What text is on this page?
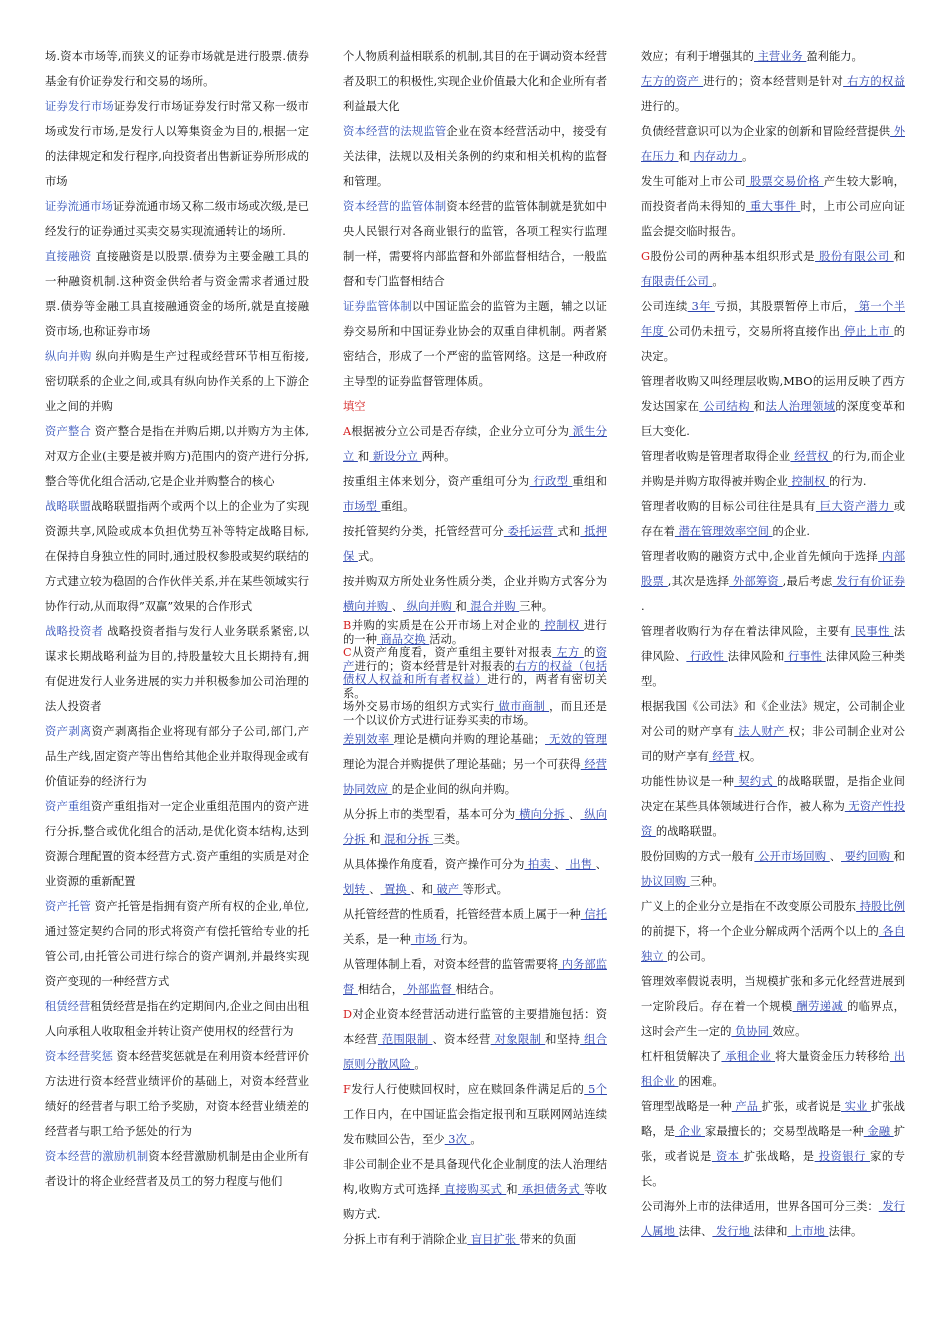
场.资本市场等,而狭义的证券市场就是进行股票.债券基金有价证券发行和交易的场所。

证券发行市场证券发行市场证券发行时常又称一级市场或发行市场,是发行人以筹集资金为目的,根据一定的法律规定和发行程序,向投资者出售新证券所形成的市场

证券流通市场证券流通市场又称二级市场或次级,是已经发行的证券通过买卖交易实现流通转让的场所.

直接融资 直接融资是以股票.债券为主要金融工具的一种融资机制.这种资金供给者与资金需求者通过股票.债券等金融工具直接融通资金的场所,就是直接融资市场,也称证券市场

纵向并购 纵向并购是生产过程或经营环节相互衔接,密切联系的企业之间,或具有纵向协作关系的上下游企业之间的并购

资产整合 资产整合是指在并购后期,以并购方为主体,对双方企业(主要是被并购方)范围内的资产进行分拆,整合等优化组合活动,它是企业并购整合的核心

战略联盟战略联盟指两个或两个以上的企业为了实现资源共享,风险或成本负担优势互补等特定战略目标,在保持自身独立性的同时,通过股权参股或契约联结的方式建立较为稳固的合作伙伴关系,并在某些领域实行协作行动,从而取得”双赢”效果的合作形式

战略投资者 战略投资者指与发行人业务联系紧密,以谋求长期战略利益为目的,持股量较大且长期持有,拥有促进发行人业务进展的实力并积极参加公司治理的法人投资者

资产剥离资产剥离指企业将现有部分子公司,部门,产品生产线,固定资产等出售给其他企业并取得现金或有价值证券的经济行为

资产重组资产重组指对一定企业重组范围内的资产进行分拆,整合或优化组合的活动,是优化资本结构,达到资源合理配置的资本经营方式.资产重组的实质是对企业资源的重新配置

资产托管 资产托管是指拥有资产所有权的企业,单位,通过签定契约合同的形式将资产有偿托管给专业的托管公司,由托管公司进行综合的资产调剂,并最终实现资产变现的一种经营方式

租赁经营租赁经营是指在约定期间内,企业之间由出租人向承租人收取租金并转让资产使用权的经营行为

资本经营奖惩 资本经营奖惩就是在利用资本经营评价方法进行资本经营业绩评价的基础上，对资本经营业绩好的经营者与职工给予奖励，对资本经营业绩差的经营者与职工给予惩处的行为

资本经营的激励机制资本经营激励机制是由企业所有者设计的将企业经营者及员工的努力程度与他们

个人物质利益相联系的机制,其目的在于调动资本经营者及职工的积极性,实现企业价值最大化和企业所有者利益最大化

资本经营的法规监管企业在资本经营活动中，接受有关法律，法规以及相关条例的约束和相关机构的监督和管理。

资本经营的监管体制资本经营的监管体制就是犹如中央人民银行对各商业银行的监管，各项工程实行监理制一样，需要将内部监督和外部监督相结合，一般监督和专门监督相结合

证券监管体制以中国证监会的监管为主题，辅之以证券交易所和中国证券业协会的双重自律机制。两者紧密结合，形成了一个严密的监管网络。这是一种政府主导型的证券监督管理体质。

填空

A根据被分立公司是否存续，企业分立可分为 派生分立 和 新设分立 两种。

按重组主体来划分，资产重组可分为 行政型 重组和 市场型 重组。

按托管契约分类，托管经营可分 委托运营 式和 抵押保 式。

按并购双方所处业务性质分类，企业并购方式客分为 横向并购 、 纵向并购 和 混合并购 三种。

B并购的实质是在公开市场上对企业的 控制权 进行的一种 商品交换 活动。

C从资产角度看，资产重组主要针对报表 左方 的资产进行的；资本经营是针对报表的右方的权益（包括债权人权益和所有者权益）进行的，两者有密切关系。

场外交易市场的组织方式实行 做市商制 ，而且还是一个以议价方式进行证券买卖的市场。

差别效率 理论是横向并购的理论基础； 无效的管理 理论为混合并购提供了理论基础；另一个可获得 经营协同效应 的是企业间的纵向并购。

从分拆上市的类型看，基本可分为 横向分拆 、 纵向分拆 和 混和分拆 三类。

从具体操作角度看，资产操作可分为 拍卖 、 出售 、 划转 、 置换 、和 破产 等形式。

从托管经营的性质看，托管经营本质上属于一种 信托 关系，是一种 市场 行为。

从管理体制上看，对资本经营的监管需要将 内务部监督 相结合， 外部监督 相结合。

D对企业资本经营活动进行监管的主要措施包括：资本经营 范围限制 、资本经营 对象限制 和坚持 组合原则分散风险 。

F发行人行使赎回权时，应在赎回条件满足后的 5个 工作日内，在中国证监会指定报刊和互联网网站连续发布赎回公告，至少 3次 。

非公司制企业不是具备现代化企业制度的法人治理结构,收购方式可选择 直接购买式 和 承担债务式 等收购方式.

分拆上市有利于消除企业 盲目扩张 带来的负面

效应；有利于增强其的 主营业务 盈利能力。

左方的资产 进行的；资本经营则是针对 右方的权益 进行的。

负债经营意识可以为企业家的创新和冒险经营提供 外在压力 和 内存动力 。

发生可能对上市公司 股票交易价格 产生较大影响，而投资者尚未得知的 重大事件 时，上市公司应向证监会提交临时报告。

G股份公司的两种基本组织形式是 股份有限公司 和 有限责任公司 。

公司连续 3年 亏损，其股票暂停上市后， 第一个半年度 公司仍未扭亏，交易所将直接作出 停止上市 的决定。

管理者收购又叫经理层收购,MBO的运用反映了西方发达国家在 公司结构 和法人治理领域的深度变革和巨大变化.

管理者收购是管理者取得企业 经营权 的行为,而企业并购是并购方取得被并购企业 控制权 的行为.

管理者收购的目标公司往往是具有 巨大资产潜力 或存在着 潜在管理效率空间 的企业.

管理者收购的融资方式中,企业首先倾向于选择 内部股票 ,其次是选择 外部筹资 ,最后考虑 发行有价证券 .

管理者收购行为存在着法律风险，主要有 民事性 法律风险、 行政性 法律风险和 行事性 法律风险三种类型。

根据我国《公司法》和《企业法》规定，公司制企业对公司的财产享有 法人财产 权；非公司制企业对公司的财产享有 经营 权。

功能性协议是一种 契约式 的战略联盟，是指企业间决定在某些具体领域进行合作，被人称为 无资产性投资 的战略联盟。

股份回购的方式一般有 公开市场回购 、 要约回购 和 协议回购 三种。

广义上的企业分立是指在不改变原公司股东 持股比例 的前提下，将一个企业分解成两个活两个以上的 各自独立 的公司。

管理效率假说表明，当规模扩张和多元化经营进展到一定阶段后。存在着一个规模 酬劳递减 的临界点，这时会产生一定的 负协同 效应。

杠杆租赁解决了 承租企业 将大量资金压力转移给 出租企业 的困难。

管理型战略是一种 产品 扩张，或者说是 实业 扩张战略，是 企业 家最擅长的；交易型战略是一种 金融 扩张，或者说是 资本 扩张战略，是 投资银行 家的专长。

公司海外上市的法律适用，世界各国可分三类： 发行人属地 法律、 发行地 法律和 上市地 法律。
